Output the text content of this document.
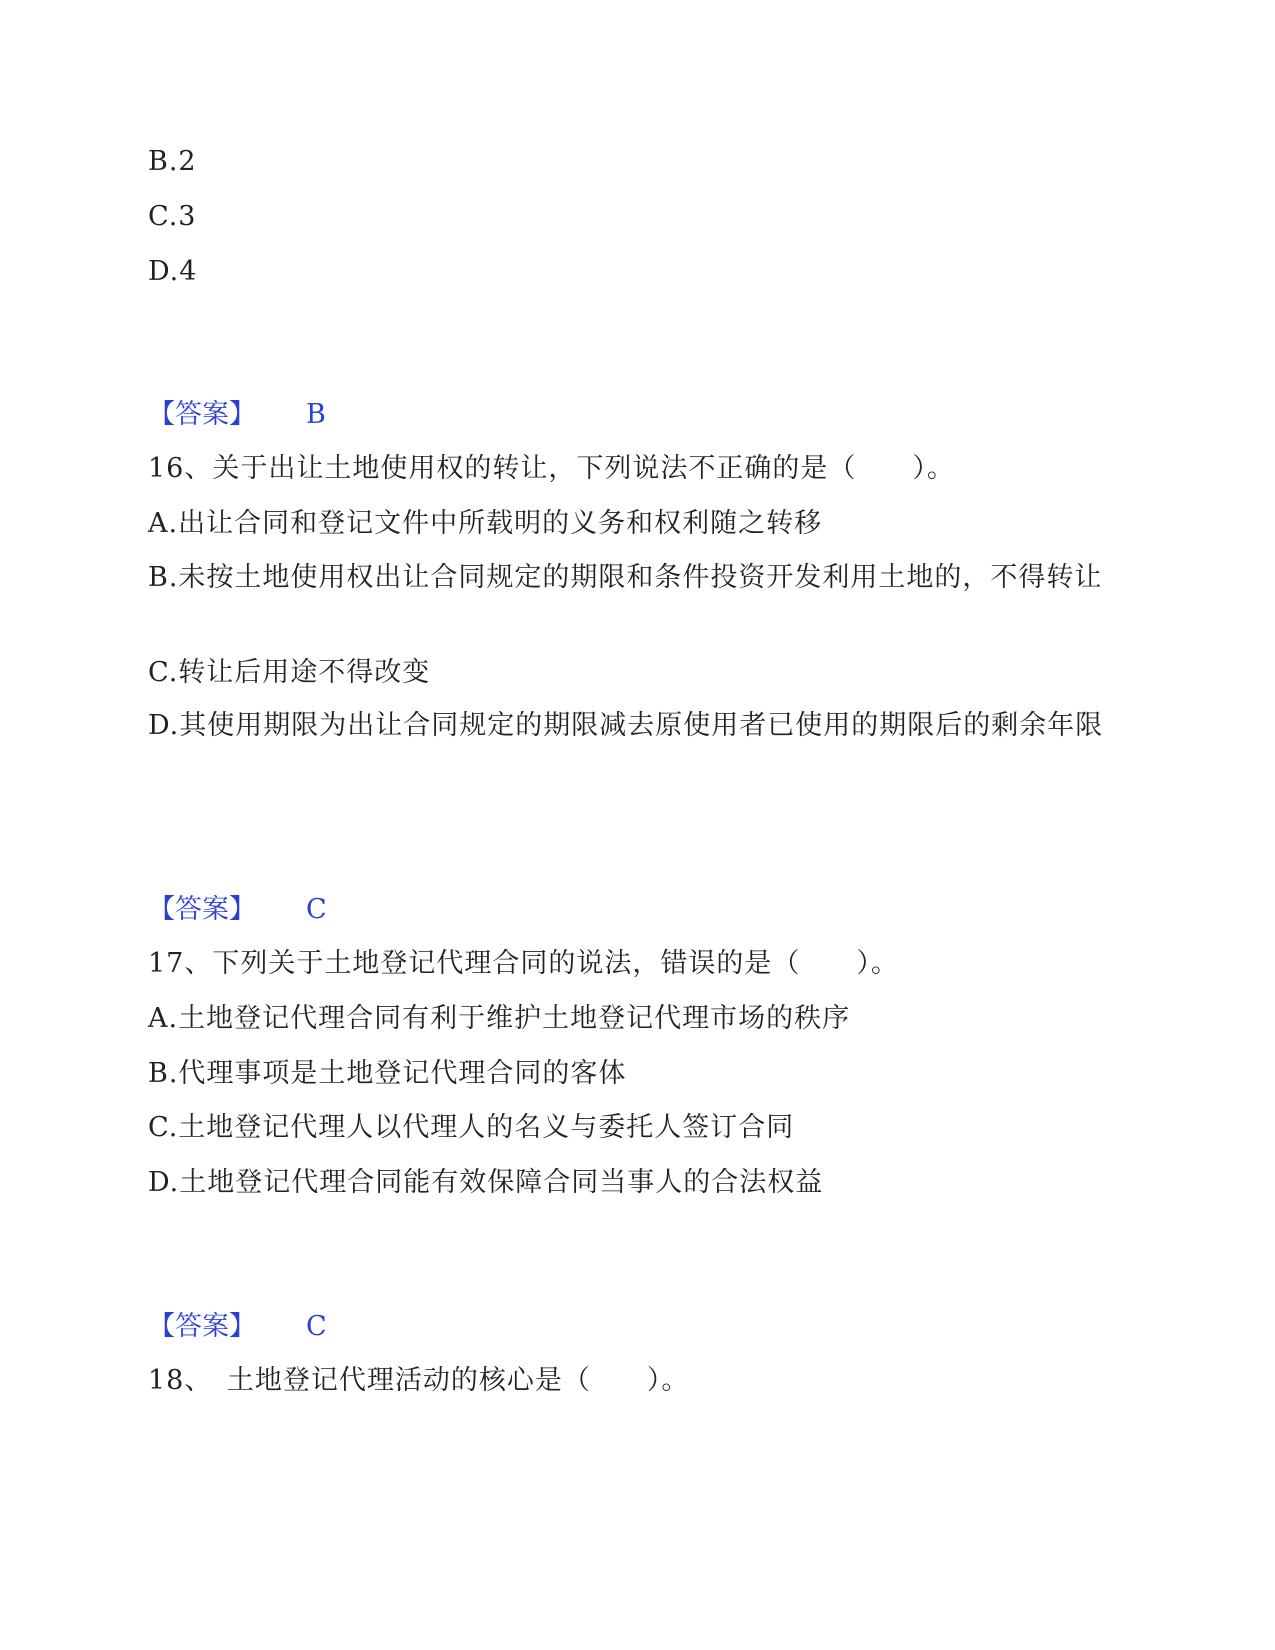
B.2
C.3
D.4
【答案】 B
16、关于出让土地使用权的转让，下列说法不正确的是（　　）。
A.出让合同和登记文件中所载明的义务和权利随之转移
B.未按土地使用权出让合同规定的期限和条件投资开发利用土地的，不得转让
C.转让后用途不得改变
D.其使用期限为出让合同规定的期限减去原使用者已使用的期限后的剩余年限
【答案】 C
17、下列关于土地登记代理合同的说法，错误的是（　　）。
A.土地登记代理合同有利于维护土地登记代理市场的秩序
B.代理事项是土地登记代理合同的客体
C.土地登记代理人以代理人的名义与委托人签订合同
D.土地登记代理合同能有效保障合同当事人的合法权益
【答案】 C
18、　土地登记代理活动的核心是（　　）。
